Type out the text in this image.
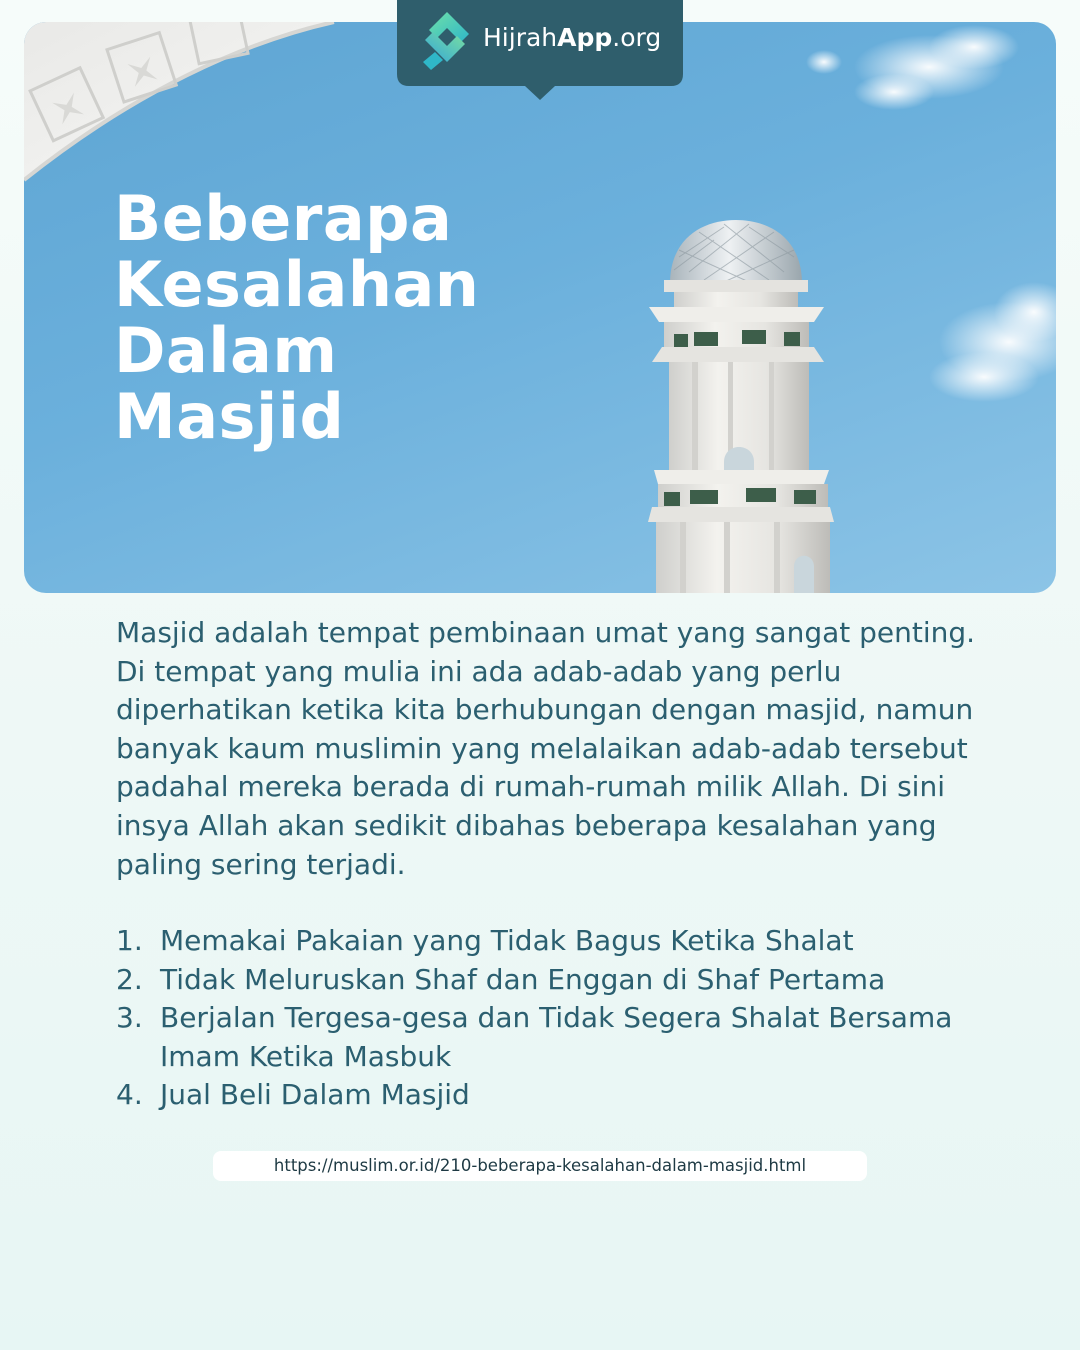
Beberapa
Kesalahan
Dalam
Masjid
HijrahApp.org

Masjid adalah tempat pembinaan umat yang sangat penting. Di tempat yang mulia ini ada adab-adab yang perlu diperhatikan ketika kita berhubungan dengan masjid, namun banyak kaum muslimin yang melalaikan adab-adab tersebut padahal mereka berada di rumah-rumah milik Allah. Di sini insya Allah akan sedikit dibahas beberapa kesalahan yang paling sering terjadi.

1. Memakai Pakaian yang Tidak Bagus Ketika Shalat
2. Tidak Meluruskan Shaf dan Enggan di Shaf Pertama
3. Berjalan Tergesa-gesa dan Tidak Segera Shalat Bersama Imam Ketika Masbuk
4. Jual Beli Dalam Masjid
https://muslim.or.id/210-beberapa-kesalahan-dalam-masjid.html
